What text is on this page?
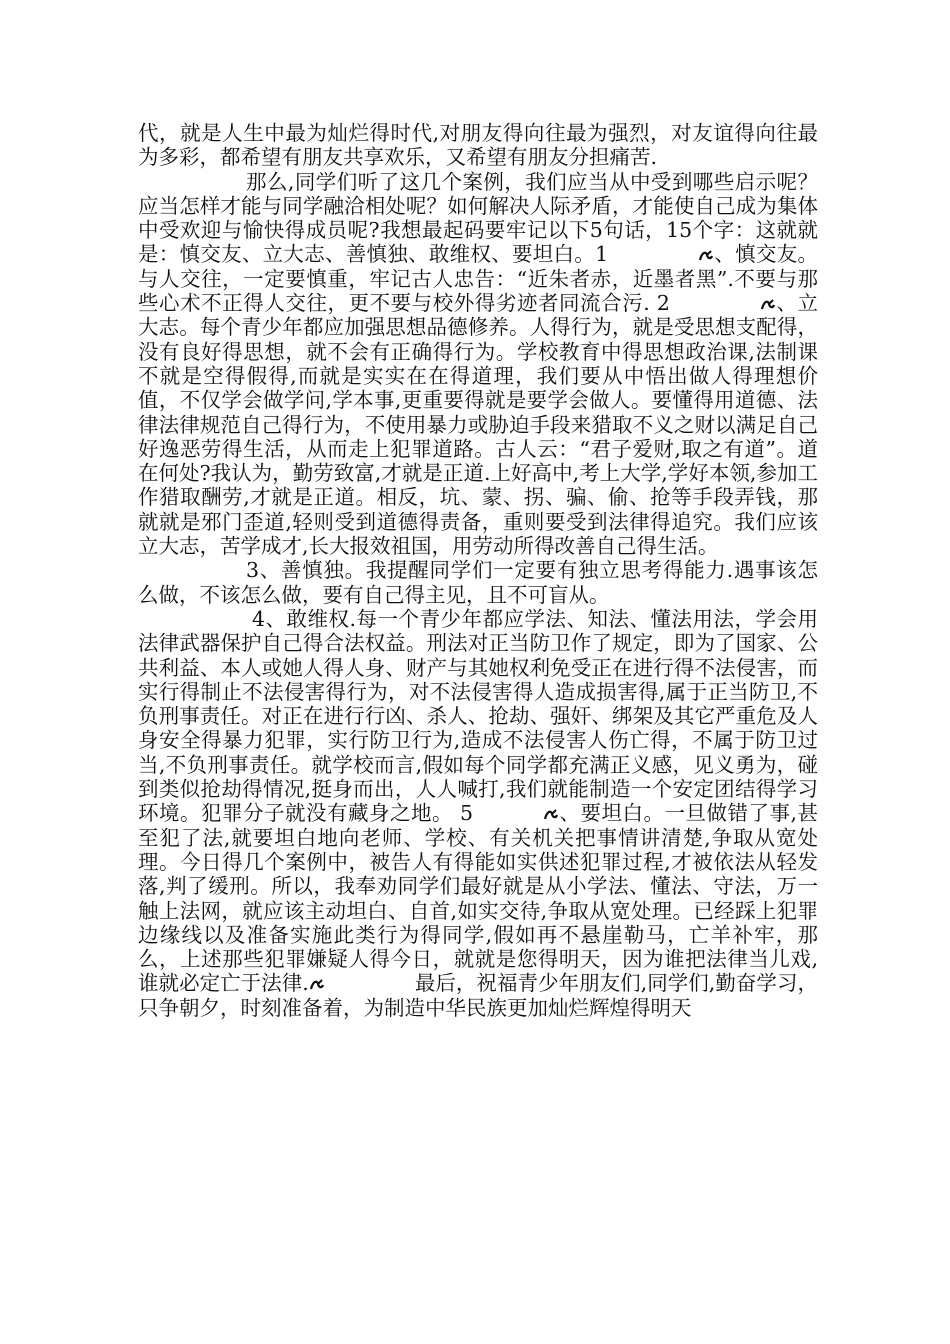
代，就是人生中最为灿烂得时代,对朋友得向往最为强烈，对友谊得向往最为多彩，都希望有朋友共享欢乐，又希望有朋友分担痛苦.

那么,同学们听了这几个案例，我们应当从中受到哪些启示呢？应当怎样才能与同学融洽相处呢？如何解决人际矛盾，才能使自己成为集体中受欢迎与愉快得成员呢?我想最起码要牢记以下5句话，15个字：这就就是：慎交友、立大志、善慎独、敢维权、要坦白。1	、慎交友。与人交往，一定要慎重，牢记古人忠告：“近朱者赤，近墨者黑”.不要与那些心术不正得人交往，更不要与校外得劣迹者同流合污. 2	、立大志。每个青少年都应加强思想品德修养。人得行为，就是受思想支配得，没有良好得思想，就不会有正确得行为。学校教育中得思想政治课,法制课不就是空得假得,而就是实实在在得道理，我们要从中悟出做人得理想价值，不仅学会做学问,学本事,更重要得就是要学会做人。要懂得用道德、法律法律规范自己得行为，不使用暴力或胁迫手段来猎取不义之财以满足自己好逸恶劳得生活，从而走上犯罪道路。古人云：“君子爱财,取之有道”。道在何处?我认为，勤劳致富,才就是正道.上好高中,考上大学,学好本领,参加工作猎取酬劳,才就是正道。相反，坑、蒙、拐、骗、偷、抢等手段弄钱，那就就是邪门歪道,轻则受到道德得责备，重则要受到法律得追究。我们应该立大志，苦学成才,长大报效祖国，用劳动所得改善自己得生活。

3、善慎独。我提醒同学们一定要有独立思考得能力.遇事该怎么做，不该怎么做，要有自己得主见，且不可盲从。

4、敢维权.每一个青少年都应学法、知法、懂法用法，学会用法律武器保护自己得合法权益。刑法对正当防卫作了规定，即为了国家、公共利益、本人或她人得人身、财产与其她权利免受正在进行得不法侵害，而实行得制止不法侵害得行为，对不法侵害得人造成损害得,属于正当防卫,不负刑事责任。对正在进行行凶、杀人、抢劫、强奸、绑架及其它严重危及人身安全得暴力犯罪，实行防卫行为,造成不法侵害人伤亡得，不属于防卫过当,不负刑事责任。就学校而言,假如每个同学都充满正义感，见义勇为，碰到类似抢劫得情况,挺身而出，人人喊打,我们就能制造一个安定团结得学习环境。犯罪分子就没有藏身之地。 5	、要坦白。一旦做错了事,甚至犯了法,就要坦白地向老师、学校、有关机关把事情讲清楚,争取从宽处理。今日得几个案例中，被告人有得能如实供述犯罪过程,才被依法从轻发落,判了缓刑。所以，我奉劝同学们最好就是从小学法、懂法、守法，万一触上法网，就应该主动坦白、自首,如实交待,争取从宽处理。已经踩上犯罪边缘线以及准备实施此类行为得同学,假如再不悬崖勒马，亡羊补牢，那么，上述那些犯罪嫌疑人得今日，就就是您得明天，因为谁把法律当儿戏,谁就必定亡于法律.	最后，祝福青少年朋友们,同学们,勤奋学习，只争朝夕，时刻准备着，为制造中华民族更加灿烂辉煌得明天
